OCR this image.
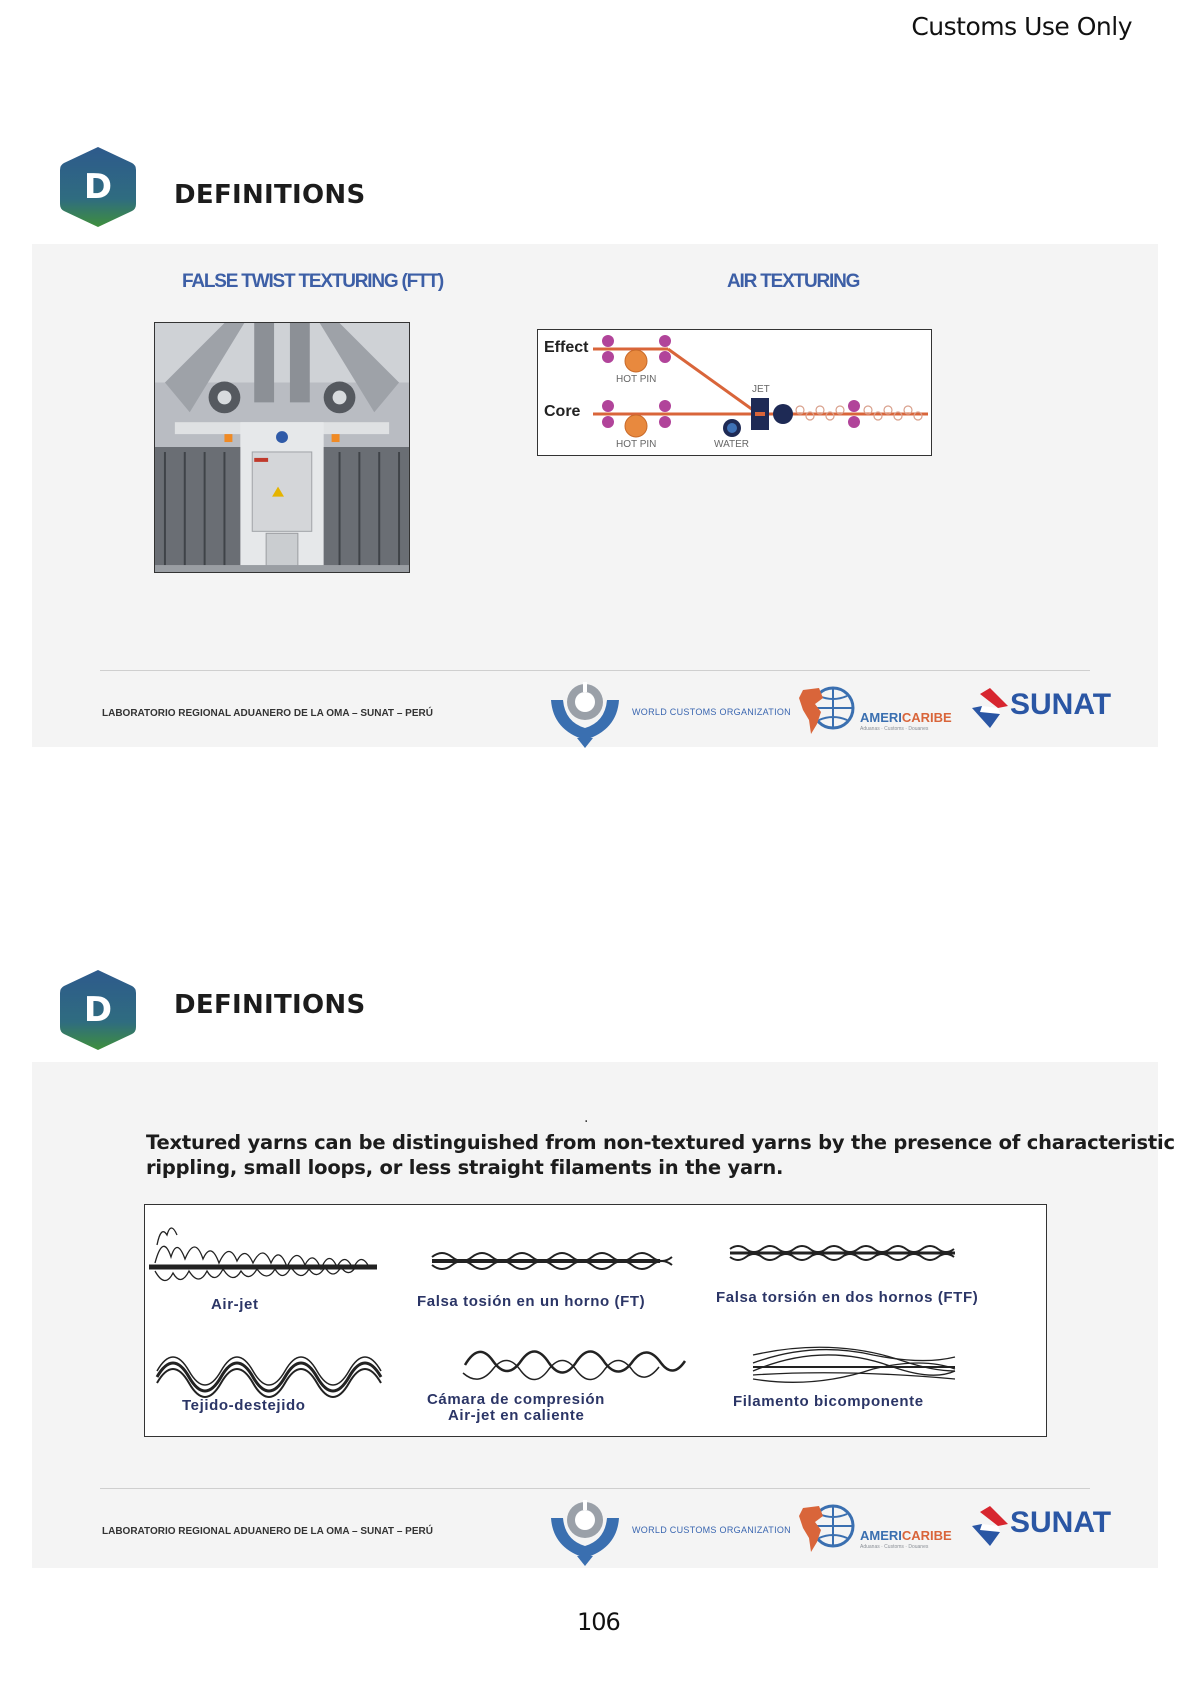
Customs Use Only
D DEFINITIONS
FALSE TWIST TEXTURING (FTT)	AIR TEXTURING
Effect
Core
HOT PIN
HOT PIN
JET
WATER
LABORATORIO REGIONAL ADUANERO DE LA OMA – SUNAT – PERÚ	WORLD CUSTOMS ORGANIZATION	AMERICARIBE
Aduanas · Customs · Douanes
SUNAT
D DEFINITIONS
.
Textured yarns can be distinguished from non-textured yarns by the presence of characteristic
rippling, small loops, or less straight filaments in the yarn.
Air-jet	Falsa tosión en un horno (FT)	Falsa torsión en dos hornos (FTF)
Tejido-destejido	Cámara de compresión
Air-jet en caliente
Filamento bicomponente
LABORATORIO REGIONAL ADUANERO DE LA OMA – SUNAT – PERÚ	WORLD CUSTOMS ORGANIZATION	AMERICARIBE
Aduanas · Customs · Douanes
SUNAT
106
